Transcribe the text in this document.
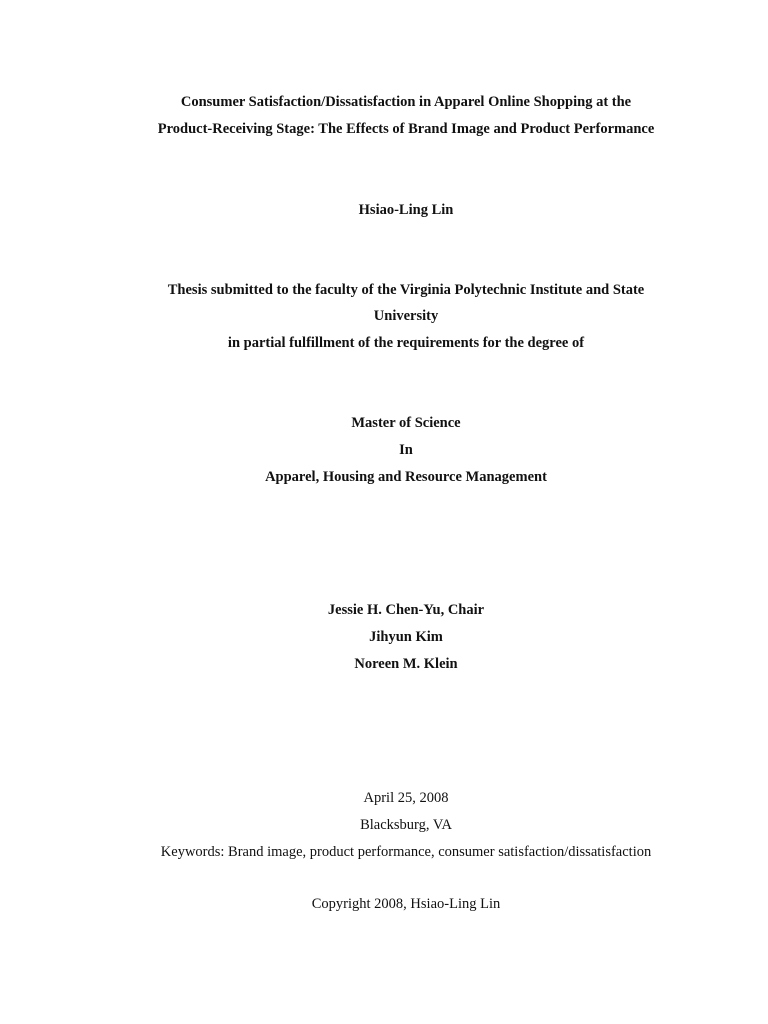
Consumer Satisfaction/Dissatisfaction in Apparel Online Shopping at the
Product-Receiving Stage: The Effects of Brand Image and Product Performance
Hsiao-Ling Lin
Thesis submitted to the faculty of the Virginia Polytechnic Institute and State
University
in partial fulfillment of the requirements for the degree of
Master of Science
In
Apparel, Housing and Resource Management
Jessie H. Chen-Yu, Chair
Jihyun Kim
Noreen M. Klein
April 25, 2008
Blacksburg, VA
Keywords: Brand image, product performance, consumer satisfaction/dissatisfaction
Copyright 2008, Hsiao-Ling Lin
